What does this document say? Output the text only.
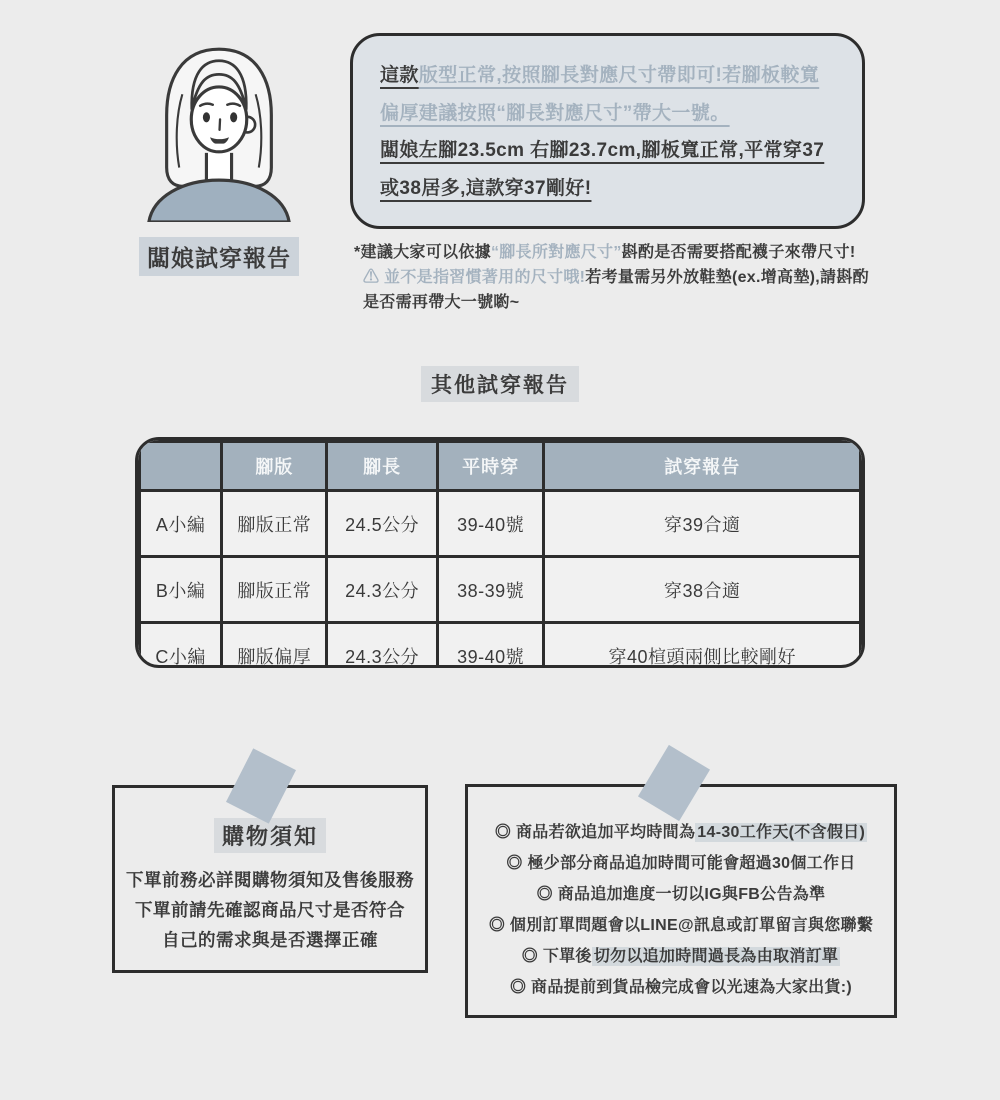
闆娘試穿報告

這款版型正常,按照腳長對應尺寸帶即可!若腳板較寬

偏厚建議按照“腳長對應尺寸”帶大一號。

闆娘左腳23.5cm 右腳23.7cm,腳板寬正常,平常穿37

或38居多,這款穿37剛好!

*建議大家可以依據“腳長所對應尺寸”斟酌是否需要搭配襪子來帶尺寸!
⚠ 並不是指習慣著用的尺寸哦!若考量需另外放鞋墊(ex.增高墊),請斟酌
是否需再帶大一號喲~
其他試穿報告
	腳版	腳長	平時穿	試穿報告
A小編	腳版正常	24.5公分	39-40號	穿39合適
B小編	腳版正常	24.3公分	38-39號	穿38合適
C小編	腳版偏厚	24.3公分	39-40號	穿40楦頭兩側比較剛好
購物須知
下單前務必詳閱購物須知及售後服務
下單前請先確認商品尺寸是否符合
自己的需求與是否選擇正確
◎ 商品若欲追加平均時間為 14-30工作天(不含假日)
◎ 極少部分商品追加時間可能會超過30個工作日
◎ 商品追加進度一切以IG與FB公告為準
◎ 個別訂單問題會以LINE@訊息或訂單留言與您聯繫
◎ 下單後 切勿以追加時間過長為由取消訂單
◎ 商品提前到貨品檢完成會以光速為大家出貨:)
